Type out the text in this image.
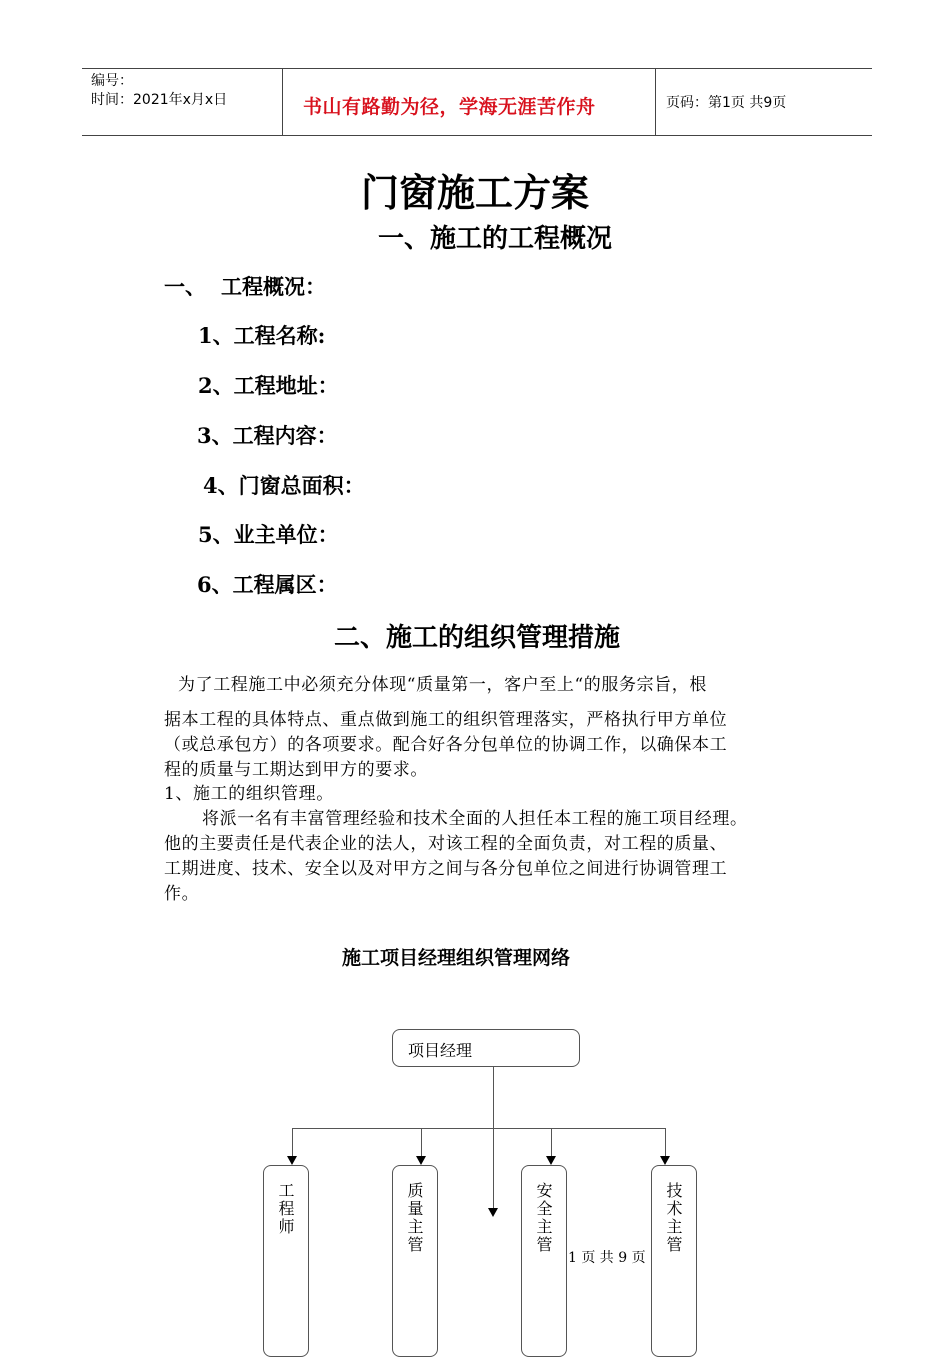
编号：
时间：2021年x月x日	书山有路勤为径，学海无涯苦作舟	页码：第1页 共9页
门窗施工方案
一、施工的工程概况
一、 工程概况：
1、工程名称:
2、工程地址：
3、工程内容：
4、门窗总面积：
5、业主单位：
6、工程属区：
二、施工的组织管理措施
为了工程施工中必须充分体现“质量第一，客户至上“的服务宗旨，根
据本工程的具体特点、重点做到施工的组织管理落实，严格执行甲方单位
（或总承包方）的各项要求。配合好各分包单位的协调工作，以确保本工
程的质量与工期达到甲方的要求。
1、施工的组织管理。
将派一名有丰富管理经验和技术全面的人担任本工程的施工项目经理。
他的主要责任是代表企业的法人，对该工程的全面负责，对工程的质量、
工期进度、技术、安全以及对甲方之间与各分包单位之间进行协调管理工
作。
施工项目经理组织管理网络
项目经理
工程师	质量主管	安全主管	技术主管
1 页 共 9 页
